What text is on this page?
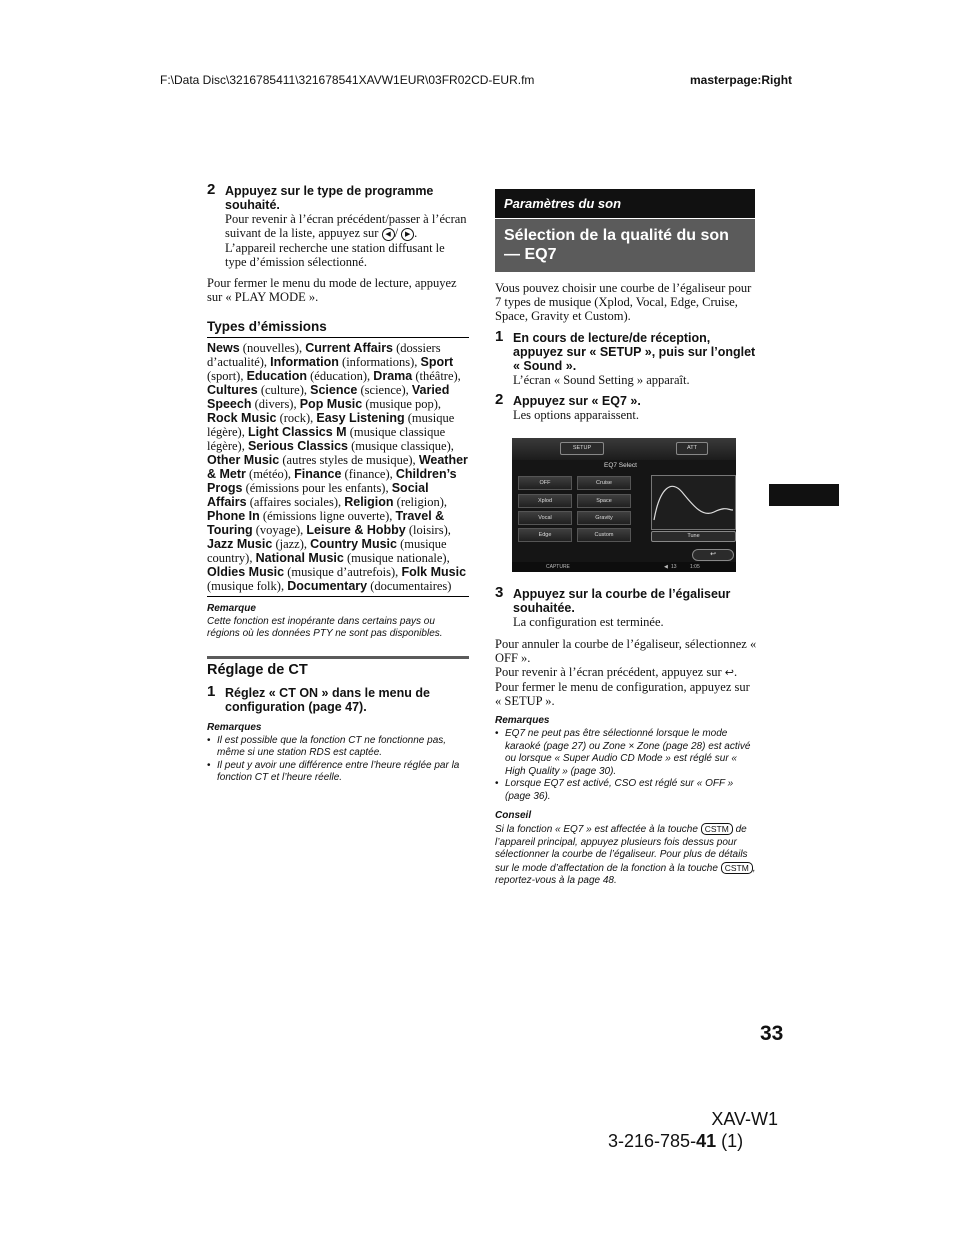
F:\Data Disc\3216785411\321678541XAVW1EUR\03FR02CD-EUR.fm	masterpage:Right
2 Appuyez sur le type de programme souhaité.
Pour revenir à l’écran précédent/passer à l’écran suivant de la liste, appuyez sur ◀ / ▶ .
L’appareil recherche une station diffusant le type d’émission sélectionné.
Pour fermer le menu du mode de lecture, appuyez sur « PLAY MODE ».
Types d’émissions
News (nouvelles), Current Affairs (dossiers d’actualité), Information (informations), Sport (sport), Education (éducation), Drama (théâtre), Cultures (culture), Science (science), Varied Speech (divers), Pop Music (musique pop), Rock Music (rock), Easy Listening (musique légère), Light Classics M (musique classique légère), Serious Classics (musique classique), Other Music (autres styles de musique), Weather & Metr (météo), Finance (finance), Children’s Progs (émissions pour les enfants), Social Affairs (affaires sociales), Religion (religion), Phone In (émissions ligne ouverte), Travel & Touring (voyage), Leisure & Hobby (loisirs), Jazz Music (jazz), Country Music (musique country), National Music (musique nationale), Oldies Music (musique d’autrefois), Folk Music (musique folk), Documentary (documentaires)
Remarque
Cette fonction est inopérante dans certains pays ou régions où les données PTY ne sont pas disponibles.
Réglage de CT
1 Réglez « CT ON » dans le menu de configuration (page 47).
Remarques
• Il est possible que la fonction CT ne fonctionne pas, même si une station RDS est captée.
• Il peut y avoir une différence entre l’heure réglée par la fonction CT et l’heure réelle.
Paramètres du son
Sélection de la qualité du son — EQ7
Vous pouvez choisir une courbe de l’égaliseur pour 7 types de musique (Xplod, Vocal, Edge, Cruise, Space, Gravity et Custom).
1 En cours de lecture/de réception, appuyez sur « SETUP », puis sur l’onglet « Sound ».
L’écran « Sound Setting » apparaît.
2 Appuyez sur « EQ7 ».
Les options apparaissent.
SETUP	ATT
EQ7 Select
OFF
Xplod
Vocal
Edge
Cruise
Space
Gravity
Custom	Tune
↩
CAPTURE	◀ 13	1:05
3 Appuyez sur la courbe de l’égaliseur souhaitée.
La configuration est terminée.
Pour annuler la courbe de l’égaliseur, sélectionnez « OFF ».
Pour revenir à l’écran précédent, appuyez sur ↩.
Pour fermer le menu de configuration, appuyez sur « SETUP ».
Remarques
• EQ7 ne peut pas être sélectionné lorsque le mode karaoké (page 27) ou Zone × Zone (page 28) est activé ou lorsque « Super Audio CD Mode » est réglé sur « High Quality » (page 30).
• Lorsque EQ7 est activé, CSO est réglé sur « OFF » (page 36).
Conseil
Si la fonction « EQ7 » est affectée à la touche CSTM de l’appareil principal, appuyez plusieurs fois dessus pour sélectionner la courbe de l’égaliseur. Pour plus de détails sur le mode d’affectation de la fonction à la touche CSTM , reportez-vous à la page 48.
33
XAV-W1
3-216-785-41 (1)
